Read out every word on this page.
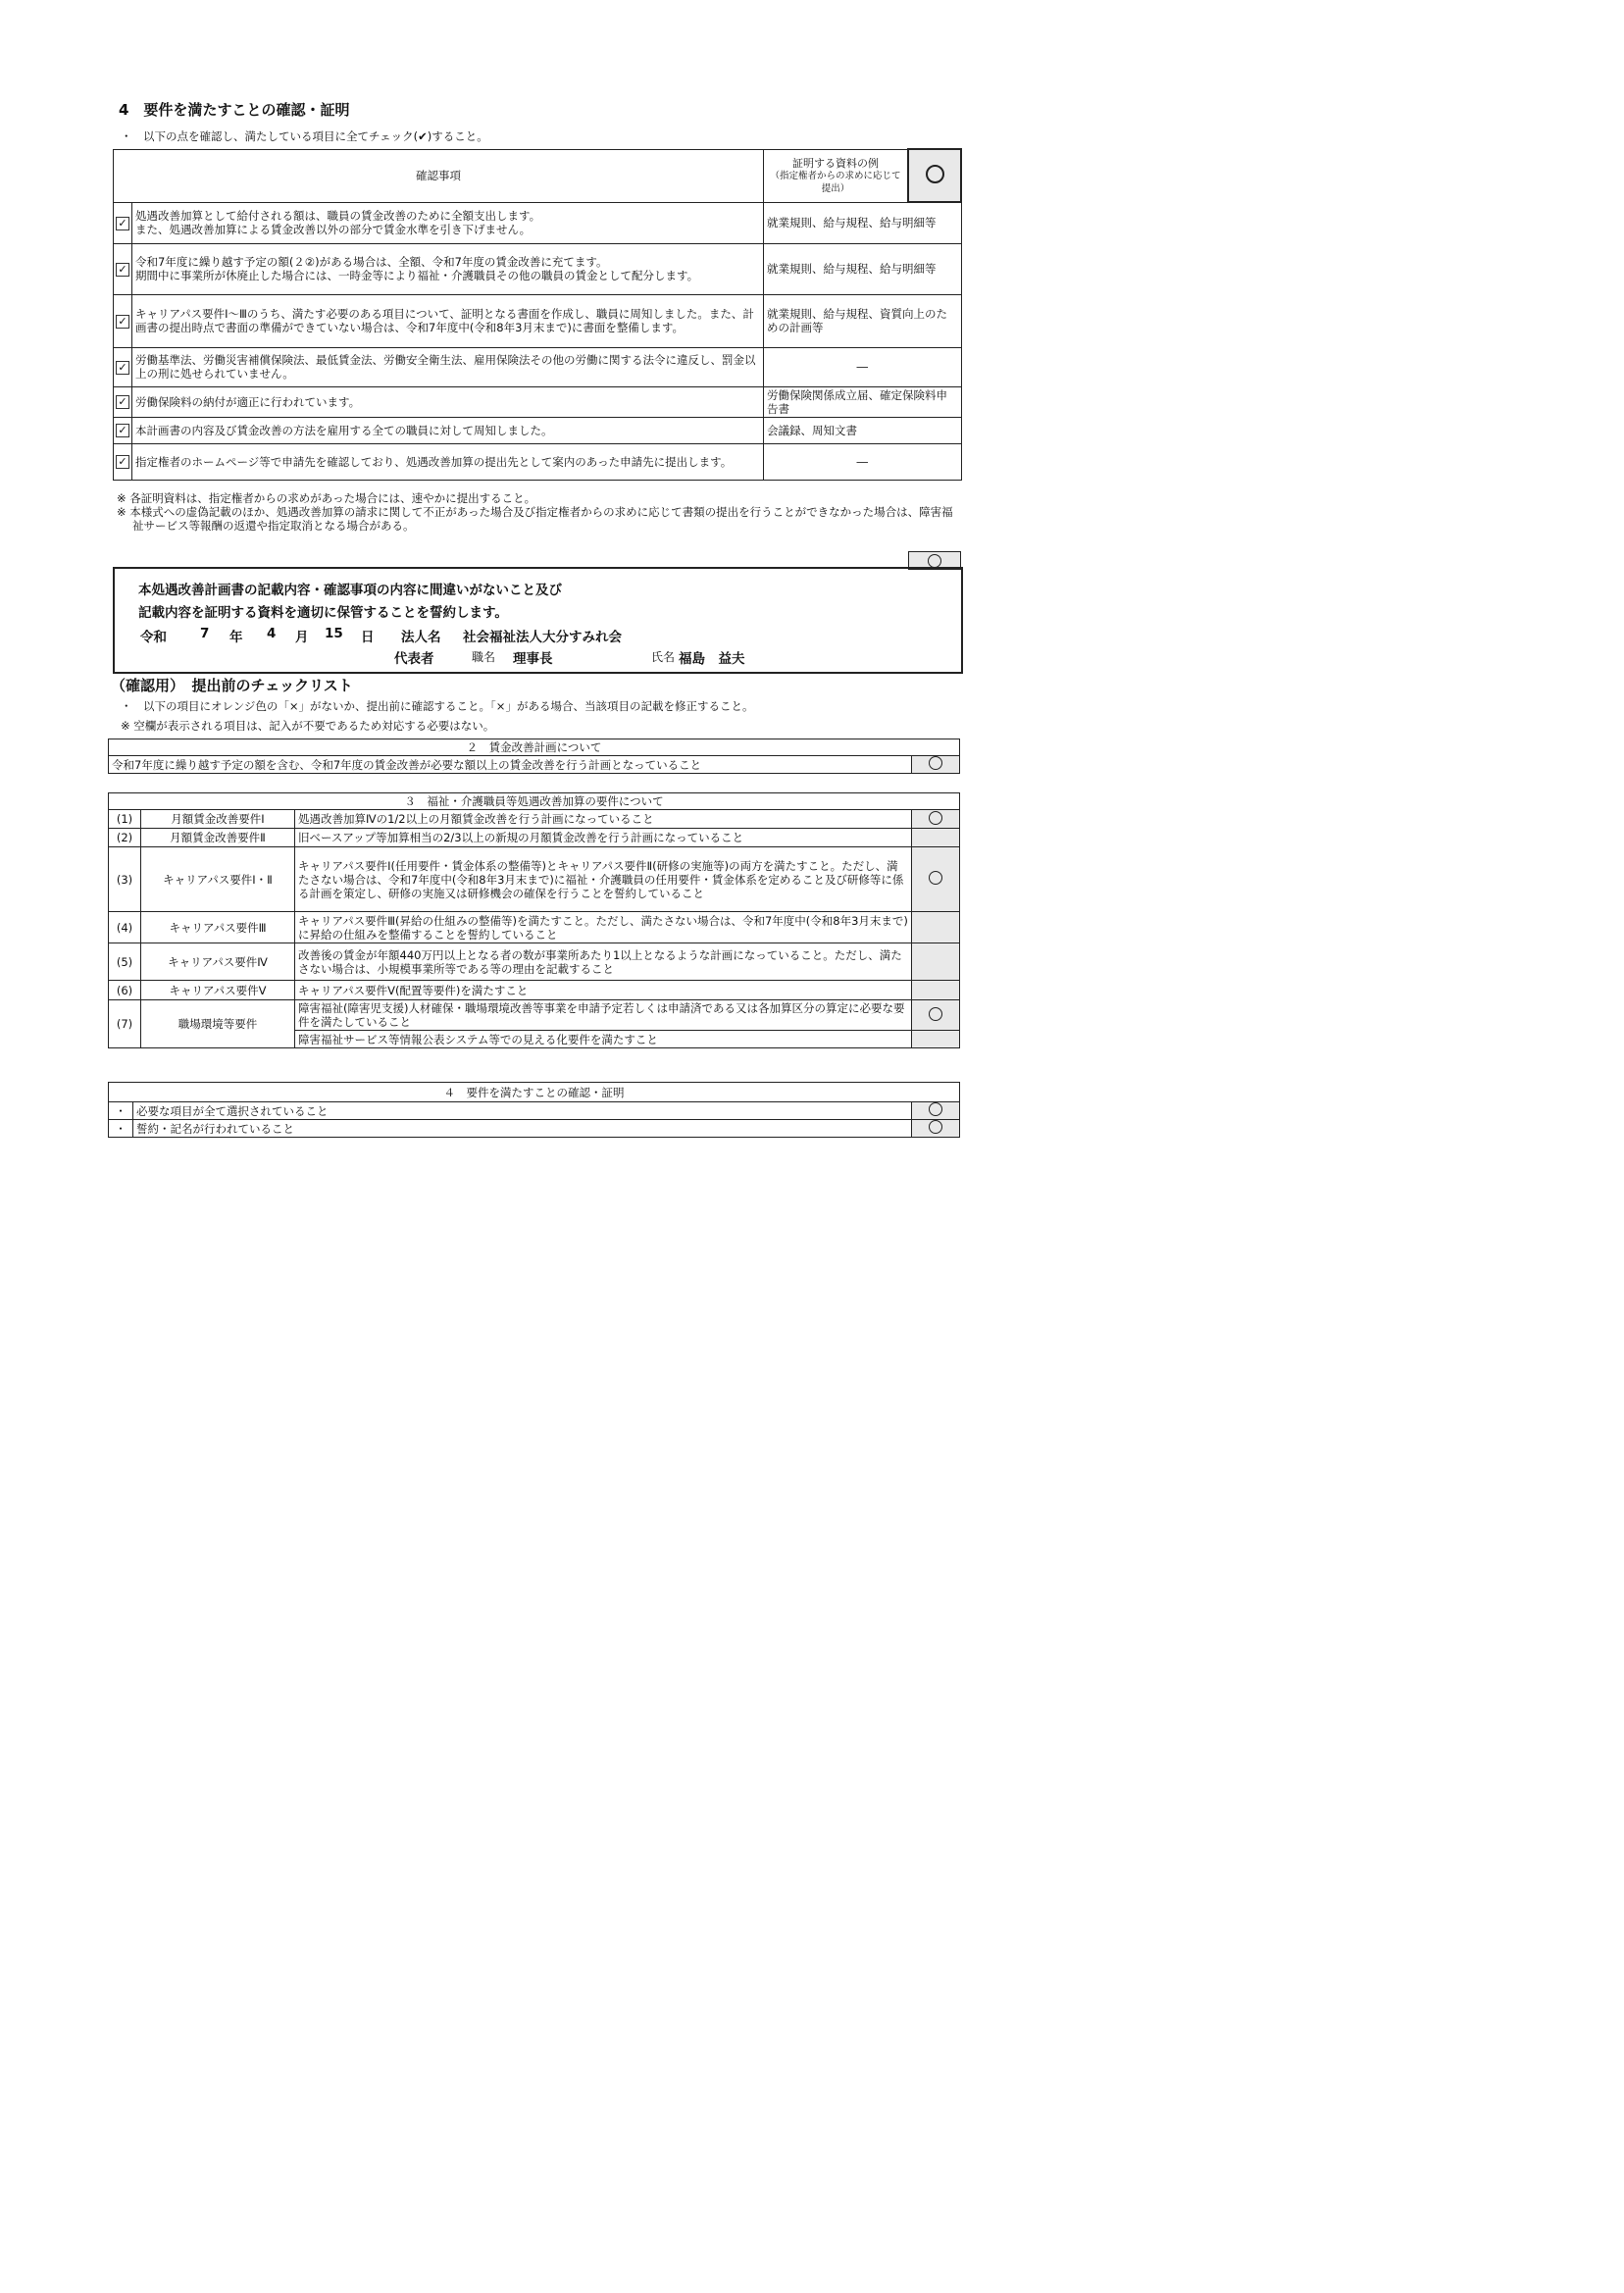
4　要件を満たすことの確認・証明
・　以下の点を確認し、満たしている項目に全てチェック(✔)すること。
確認事項		証明する資料の例
（指定権者からの求めに応じて提出）	

✓	処遇改善加算として給付される額は、職員の賃金改善のために全額支出します。
また、処遇改善加算による賃金改善以外の部分で賃金水準を引き下げません。	就業規則、給与規程、給与明細等	
✓	令和7年度に繰り越す予定の額(２②)がある場合は、全額、令和7年度の賃金改善に充てます。
期間中に事業所が休廃止した場合には、一時金等により福祉・介護職員その他の職員の賃金として配分します。	就業規則、給与規程、給与明細等	
✓	キャリアパス要件Ⅰ～Ⅲのうち、満たす必要のある項目について、証明となる書面を作成し、職員に周知しました。また、計画書の提出時点で書面の準備ができていない場合は、令和7年度中(令和8年3月末まで)に書面を整備します。	就業規則、給与規程、資質向上のための計画等	
✓	労働基準法、労働災害補償保険法、最低賃金法、労働安全衛生法、雇用保険法その他の労働に関する法令に違反し、罰金以上の刑に処せられていません。	―	
✓	労働保険料の納付が適正に行われています。	労働保険関係成立届、確定保険料申告書	
✓	本計画書の内容及び賃金改善の方法を雇用する全ての職員に対して周知しました。	会議録、周知文書	
✓	指定権者のホームページ等で申請先を確認しており、処遇改善加算の提出先として案内のあった申請先に提出します。	―	
※ 各証明資料は、指定権者からの求めがあった場合には、速やかに提出すること。
※ 本様式への虚偽記載のほか、処遇改善加算の請求に関して不正があった場合及び指定権者からの求めに応じて書類の提出を行うことができなかった場合は、障害福祉サービス等報酬の返還や指定取消となる場合がある。
本処遇改善計画書の記載内容・確認事項の内容に間違いがないこと及び
記載内容を証明する資料を適切に保管することを誓約します。
令和	7 年 4 月 15 日 法人名 社会福祉法人大分すみれ会
代表者	職名 理事長	氏名 福島　益夫
（確認用）　 提出前のチェックリスト
・　以下の項目にオレンジ色の「×」がないか、提出前に確認すること。「×」がある場合、当該項目の記載を修正すること。
※ 空欄が表示される項目は、記入が不要であるため対応する必要はない。
２　賃金改善計画について
令和7年度に繰り越す予定の額を含む、令和7年度の賃金改善が必要な額以上の賃金改善を行う計画となっていること	
３　福祉・介護職員等処遇改善加算の要件について			
(1)	月額賃金改善要件Ⅰ	処遇改善加算Ⅳの1/2以上の月額賃金改善を行う計画になっていること	
(2)	月額賃金改善要件Ⅱ	旧ベースアップ等加算相当の2/3以上の新規の月額賃金改善を行う計画になっていること	
(3)	キャリアパス要件Ⅰ・Ⅱ	キャリアパス要件Ⅰ(任用要件・賃金体系の整備等)とキャリアパス要件Ⅱ(研修の実施等)の両方を満たすこと。ただし、満たさない場合は、令和7年度中(令和8年3月末まで)に福祉・介護職員の任用要件・賃金体系を定めること及び研修等に係る計画を策定し、研修の実施又は研修機会の確保を行うことを誓約していること	
(4)	キャリアパス要件Ⅲ	キャリアパス要件Ⅲ(昇給の仕組みの整備等)を満たすこと。ただし、満たさない場合は、令和7年度中(令和8年3月末まで)に昇給の仕組みを整備することを誓約していること	
(5)	キャリアパス要件Ⅳ	改善後の賃金が年額440万円以上となる者の数が事業所あたり1以上となるような計画になっていること。ただし、満たさない場合は、小規模事業所等である等の理由を記載すること	
(6)	キャリアパス要件Ⅴ	キャリアパス要件Ⅴ(配置等要件)を満たすこと	
(7)	職場環境等要件	障害福祉(障害児支援)人材確保・職場環境改善等事業を申請予定若しくは申請済である又は各加算区分の算定に必要な要件を満たしていること	
		障害福祉サービス等情報公表システム等での見える化要件を満たすこと	
４　要件を満たすことの確認・証明		
・	必要な項目が全て選択されていること	
・	誓約・記名が行われていること	
